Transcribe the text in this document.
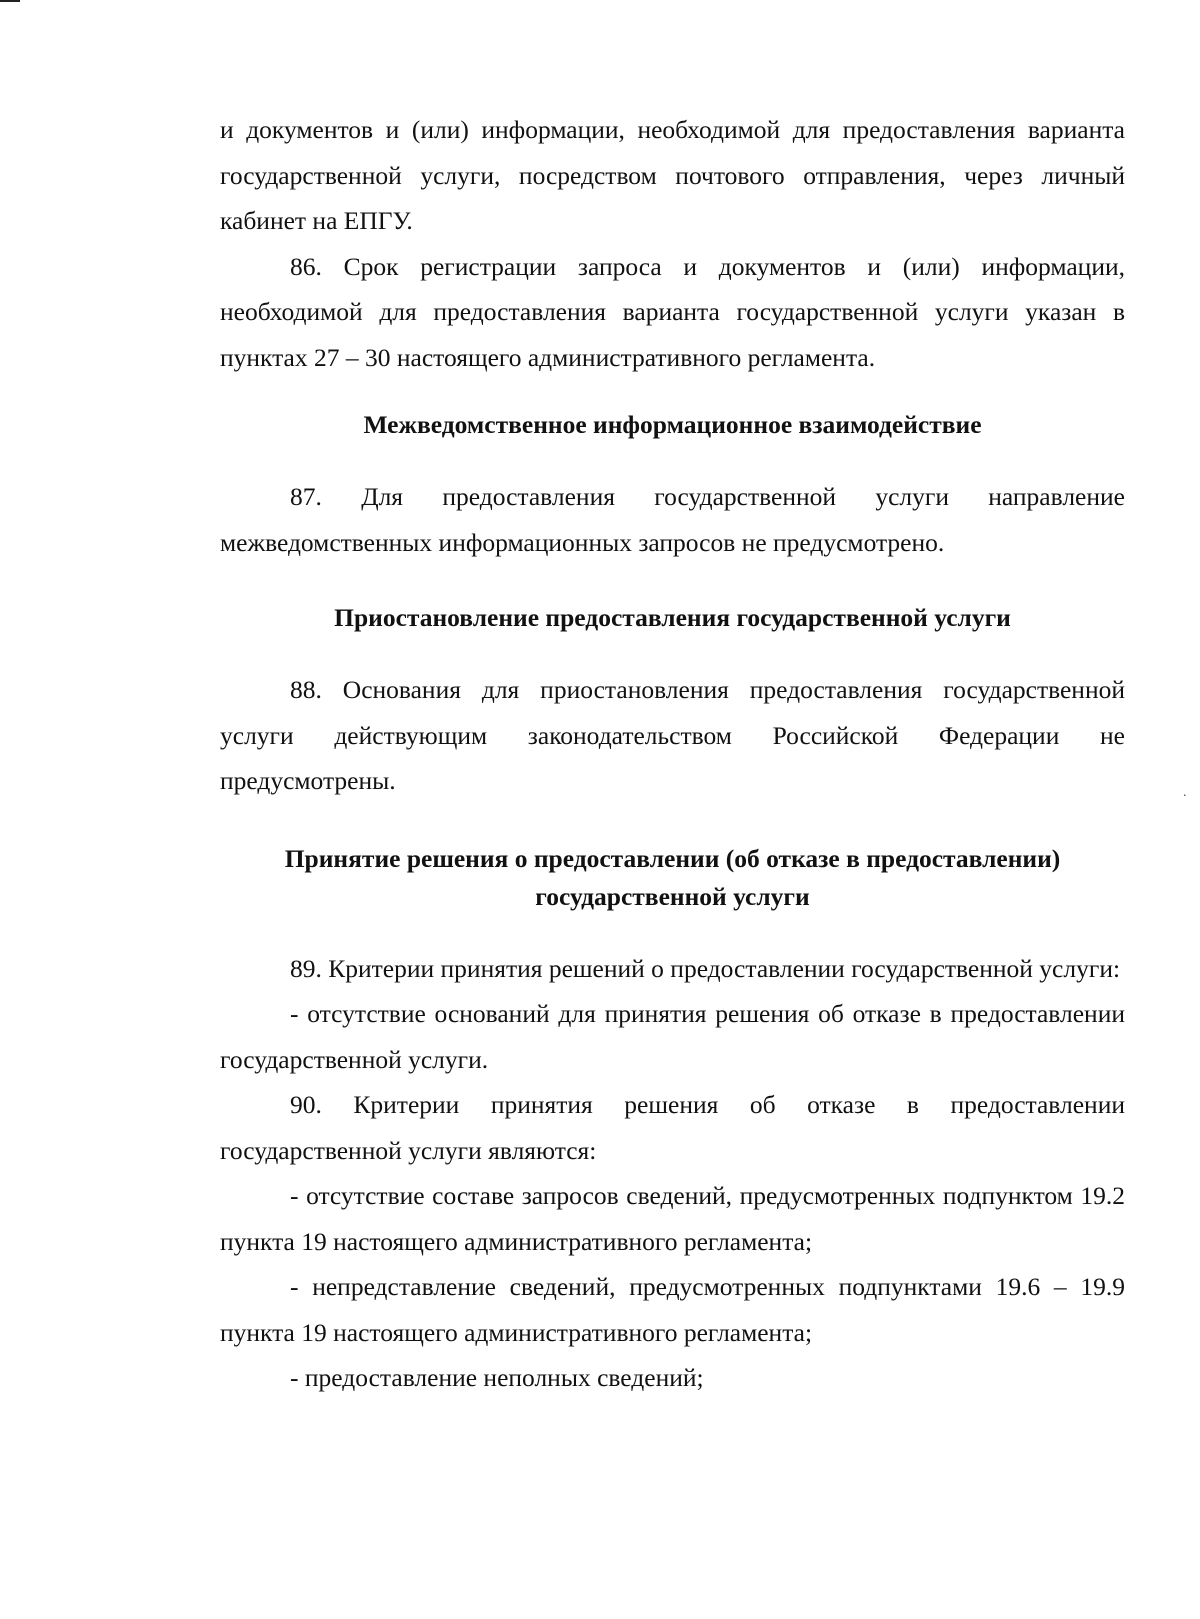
.

и документов и (или) информации, необходимой для предоставления варианта государственной услуги, посредством почтового отправления, через личный кабинет на ЕПГУ.

86. Срок регистрации запроса и документов и (или) информации, необходимой для предоставления варианта государственной услуги указан в пунктах 27 – 30 настоящего административного регламента.

Межведомственное информационное взаимодействие

87. Для предоставления государственной услуги направление межведомственных информационных запросов не предусмотрено.

Приостановление предоставления государственной услуги

88. Основания для приостановления предоставления государственной услуги действующим законодательством Российской Федерации не предусмотрены.

Принятие решения о предоставлении (об отказе в предоставлении)
государственной услуги

89. Критерии принятия решений о предоставлении государственной услуги:

- отсутствие оснований для принятия решения об отказе в предоставлении государственной услуги.

90. Критерии принятия решения об отказе в предоставлении государственной услуги являются:

- отсутствие составе запросов сведений, предусмотренных подпунктом 19.2 пункта 19 настоящего административного регламента;

- непредставление сведений, предусмотренных подпунктами 19.6 – 19.9 пункта 19 настоящего административного регламента;

- предоставление неполных сведений;
